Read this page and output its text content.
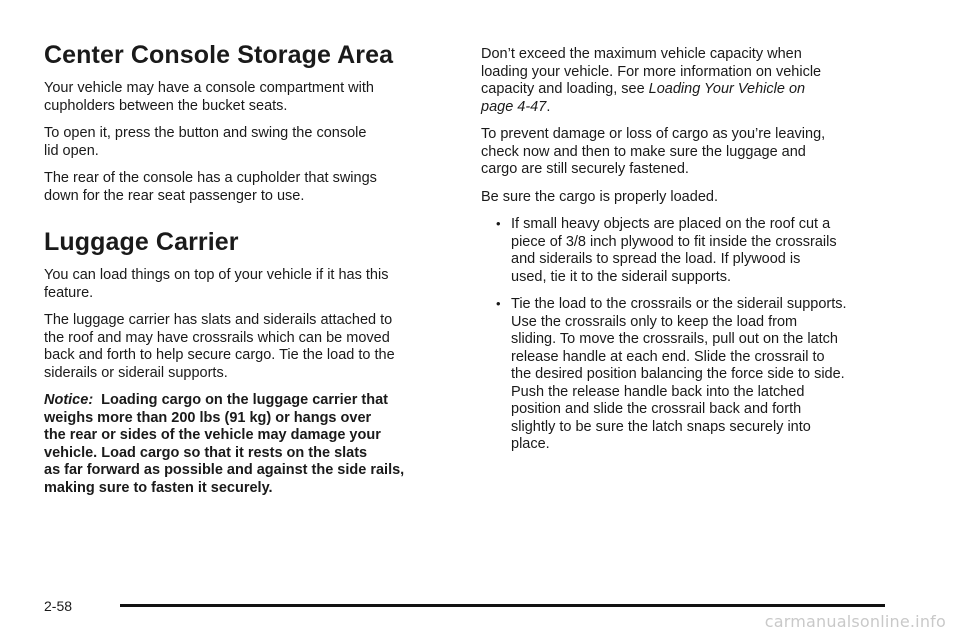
Center Console Storage Area

Your vehicle may have a console compartment with
cupholders between the bucket seats.

To open it, press the button and swing the console
lid open.

The rear of the console has a cupholder that swings
down for the rear seat passenger to use.

Luggage Carrier

You can load things on top of your vehicle if it has this
feature.

The luggage carrier has slats and siderails attached to
the roof and may have crossrails which can be moved
back and forth to help secure cargo. Tie the load to the
siderails or siderail supports.

Notice: Loading cargo on the luggage carrier that
weighs more than 200 lbs (91 kg) or hangs over
the rear or sides of the vehicle may damage your
vehicle. Load cargo so that it rests on the slats
as far forward as possible and against the side rails,
making sure to fasten it securely.

Don’t exceed the maximum vehicle capacity when
loading your vehicle. For more information on vehicle
capacity and loading, see Loading Your Vehicle on
page 4-47.

To prevent damage or loss of cargo as you’re leaving,
check now and then to make sure the luggage and
cargo are still securely fastened.

Be sure the cargo is properly loaded.

• If small heavy objects are placed on the roof cut a
piece of 3/8 inch plywood to fit inside the crossrails
and siderails to spread the load. If plywood is
used, tie it to the siderail supports.
• Tie the load to the crossrails or the siderail supports.
Use the crossrails only to keep the load from
sliding. To move the crossrails, pull out on the latch
release handle at each end. Slide the crossrail to
the desired position balancing the force side to side.
Push the release handle back into the latched
position and slide the crossrail back and forth
slightly to be sure the latch snaps securely into
place.
2-58
carmanualsonline.info
